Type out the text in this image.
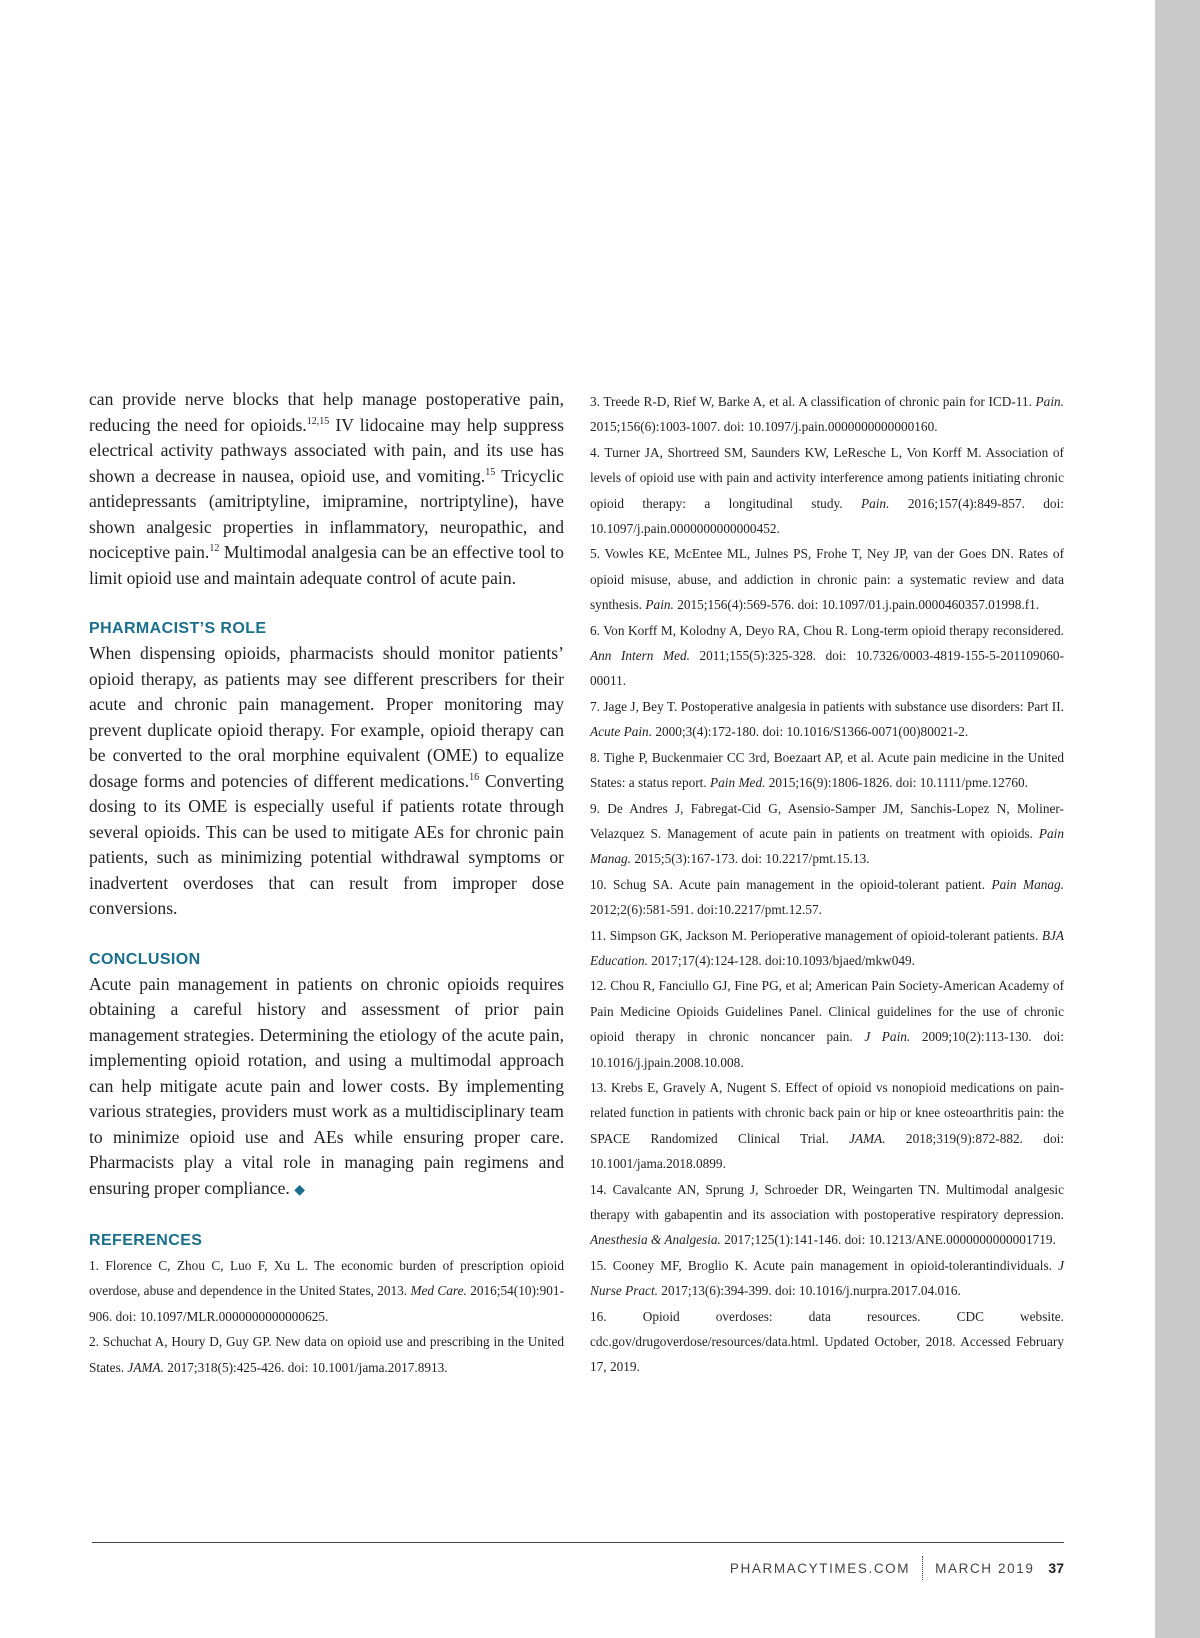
can provide nerve blocks that help manage postoperative pain, reducing the need for opioids.$^{12,15}$ IV lidocaine may help suppress electrical activity pathways associated with pain, and its use has shown a decrease in nausea, opioid use, and vomiting.$^{15}$ Tricyclic antidepressants (amitriptyline, imipramine, nortriptyline), have shown analgesic properties in inflammatory, neuropathic, and nociceptive pain.$^{12}$ Multimodal analgesia can be an effective tool to limit opioid use and maintain adequate control of acute pain.

PHARMACIST’S ROLE

When dispensing opioids, pharmacists should monitor patients’ opioid therapy, as patients may see different prescribers for their acute and chronic pain management. Proper monitoring may prevent duplicate opioid therapy. For example, opioid therapy can be converted to the oral morphine equivalent (OME) to equalize dosage forms and potencies of different medications.$^{16}$ Converting dosing to its OME is especially useful if patients rotate through several opioids. This can be used to mitigate AEs for chronic pain patients, such as minimizing potential withdrawal symptoms or inadvertent overdoses that can result from improper dose conversions.

CONCLUSION

Acute pain management in patients on chronic opioids requires obtaining a careful history and assessment of prior pain management strategies. Determining the etiology of the acute pain, implementing opioid rotation, and using a multimodal approach can help mitigate acute pain and lower costs. By implementing various strategies, providers must work as a multidisciplinary team to minimize opioid use and AEs while ensuring proper care. Pharmacists play a vital role in managing pain regimens and ensuring proper compliance. ◆

REFERENCES

1. Florence C, Zhou C, Luo F, Xu L. The economic burden of prescription opioid overdose, abuse and dependence in the United States, 2013. Med Care. 2016;54(10):901-906. doi: 10.1097/MLR.0000000000000625.

2. Schuchat A, Houry D, Guy GP. New data on opioid use and prescribing in the United States. JAMA. 2017;318(5):425-426. doi: 10.1001/jama.2017.8913.

3. Treede R-D, Rief W, Barke A, et al. A classification of chronic pain for ICD-11. Pain. 2015;156(6):1003-1007. doi: 10.1097/j.pain.0000000000000160.

4. Turner JA, Shortreed SM, Saunders KW, LeResche L, Von Korff M. Association of levels of opioid use with pain and activity interference among patients initiating chronic opioid therapy: a longitudinal study. Pain. 2016;157(4):849-857. doi: 10.1097/j.pain.0000000000000452.

5. Vowles KE, McEntee ML, Julnes PS, Frohe T, Ney JP, van der Goes DN. Rates of opioid misuse, abuse, and addiction in chronic pain: a systematic review and data synthesis. Pain. 2015;156(4):569-576. doi: 10.1097/01.j.pain.0000460357.01998.f1.

6. Von Korff M, Kolodny A, Deyo RA, Chou R. Long-term opioid therapy reconsidered. Ann Intern Med. 2011;155(5):325-328. doi: 10.7326/0003-4819-155-5-201109060-00011.

7. Jage J, Bey T. Postoperative analgesia in patients with substance use disorders: Part II. Acute Pain. 2000;3(4):172-180. doi: 10.1016/S1366-0071(00)80021-2.

8. Tighe P, Buckenmaier CC 3rd, Boezaart AP, et al. Acute pain medicine in the United States: a status report. Pain Med. 2015;16(9):1806-1826. doi: 10.1111/pme.12760.

9. De Andres J, Fabregat-Cid G, Asensio-Samper JM, Sanchis-Lopez N, Moliner-Velazquez S. Management of acute pain in patients on treatment with opioids. Pain Manag. 2015;5(3):167-173. doi: 10.2217/pmt.15.13.

10. Schug SA. Acute pain management in the opioid-tolerant patient. Pain Manag. 2012;2(6):581-591. doi:10.2217/pmt.12.57.

11. Simpson GK, Jackson M. Perioperative management of opioid-tolerant patients. BJA Education. 2017;17(4):124-128. doi:10.1093/bjaed/mkw049.

12. Chou R, Fanciullo GJ, Fine PG, et al; American Pain Society-American Academy of Pain Medicine Opioids Guidelines Panel. Clinical guidelines for the use of chronic opioid therapy in chronic noncancer pain. J Pain. 2009;10(2):113-130. doi: 10.1016/j.jpain.2008.10.008.

13. Krebs E, Gravely A, Nugent S. Effect of opioid vs nonopioid medications on pain-related function in patients with chronic back pain or hip or knee osteoarthritis pain: the SPACE Randomized Clinical Trial. JAMA. 2018;319(9):872-882. doi: 10.1001/jama.2018.0899.

14. Cavalcante AN, Sprung J, Schroeder DR, Weingarten TN. Multimodal analgesic therapy with gabapentin and its association with postoperative respiratory depression. Anesthesia & Analgesia. 2017;125(1):141-146. doi: 10.1213/ANE.0000000000001719.

15. Cooney MF, Broglio K. Acute pain management in opioid-tolerantindividuals. J Nurse Pract. 2017;13(6):394-399. doi: 10.1016/j.nurpra.2017.04.016.

16. Opioid overdoses: data resources. CDC website. cdc.gov/drugoverdose/resources/data.html. Updated October, 2018. Accessed February 17, 2019.

PHARMACYTIMES.COM MARCH 2019 37
